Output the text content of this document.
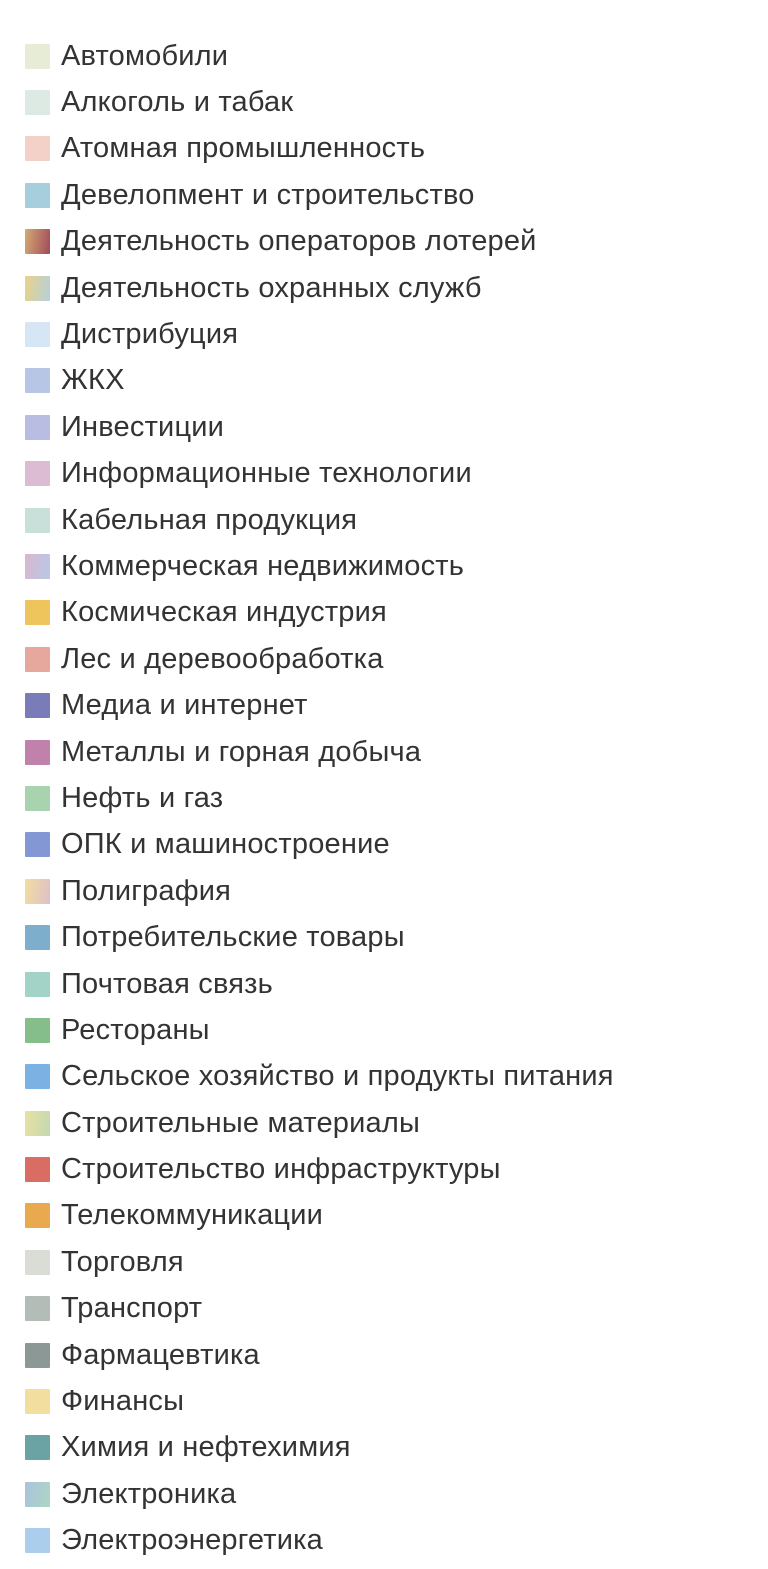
Автомобили
Алкоголь и табак
Атомная промышленность
Девелопмент и строительство
Деятельность операторов лотерей
Деятельность охранных служб
Дистрибуция
ЖКХ
Инвестиции
Информационные технологии
Кабельная продукция
Коммерческая недвижимость
Космическая индустрия
Лес и деревообработка
Медиа и интернет
Металлы и горная добыча
Нефть и газ
ОПК и машиностроение
Полиграфия
Потребительские товары
Почтовая связь
Рестораны
Сельское хозяйство и продукты питания
Строительные материалы
Строительство инфраструктуры
Телекоммуникации
Торговля
Транспорт
Фармацевтика
Финансы
Химия и нефтехимия
Электроника
Электроэнергетика
